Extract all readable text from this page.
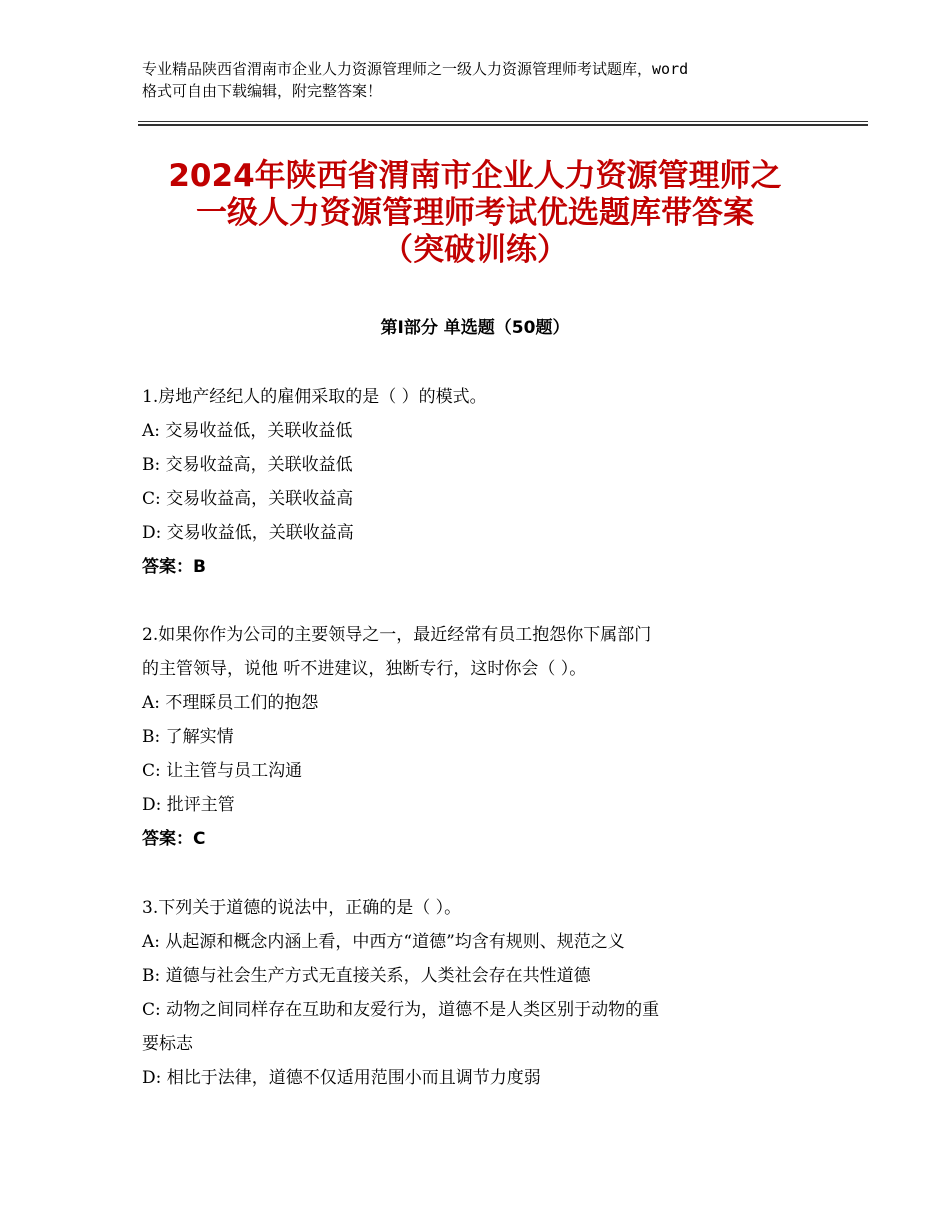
专业精品陕西省渭南市企业人力资源管理师之一级人力资源管理师考试题库，word
格式可自由下载编辑，附完整答案！
2024年陕西省渭南市企业人力资源管理师之
一级人力资源管理师考试优选题库带答案
（突破训练）
第Ⅰ部分 单选题（50题）
1.房地产经纪人的雇佣采取的是（ ）的模式。
A: 交易收益低，关联收益低
B: 交易收益高，关联收益低
C: 交易收益高，关联收益高
D: 交易收益低，关联收益高
答案：B
2.如果你作为公司的主要领导之一，最近经常有员工抱怨你下属部门
的主管领导，说他 听不进建议，独断专行，这时你会（ ）。
A: 不理睬员工们的抱怨
B: 了解实情
C: 让主管与员工沟通
D: 批评主管
答案：C
3.下列关于道德的说法中，正确的是（ ）。
A: 从起源和概念内涵上看，中西方“道德”均含有规则、规范之义
B: 道德与社会生产方式无直接关系，人类社会存在共性道德
C: 动物之间同样存在互助和友爱行为，道德不是人类区别于动物的重
要标志
D: 相比于法律，道德不仅适用范围小而且调节力度弱
